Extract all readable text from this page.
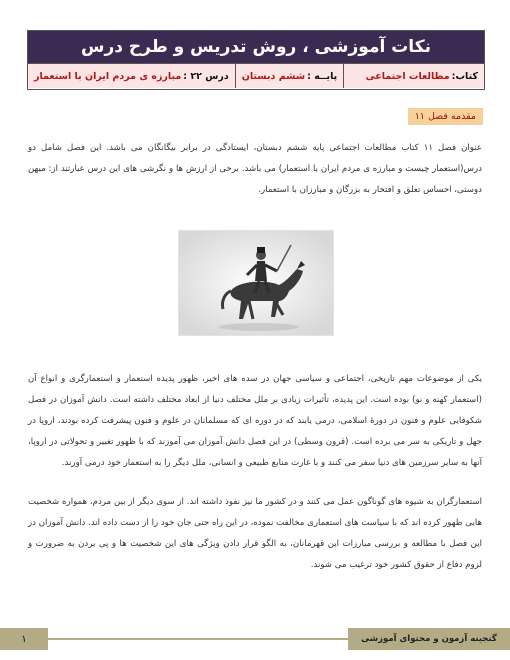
نکات آموزشی ، روش تدریس و طرح درس
کتاب:
مطالعات اجتماعی
پایــه :
ششم دبستان
درس ۲۲ :
مبارزه ی مردم ایران با استعمار
مقدمه فصل ۱۱
عنوان فصل ۱۱ کتاب مطالعات اجتماعی پایه ششم دبستان، ایستادگی در برابر بیگانگان می باشد. این فصل شامل دو درس(استعمار چیست و مبارزه ی مردم ایران با استعمار) می باشد. برخی از ارزش ها و نگرشی های این درس عبارتند از: میهن دوستی، احساس تعلق و افتخار به بزرگان و مبارزان با استعمار.
یکی از موضوعات مهم تاریخی، اجتماعی و سیاسی جهان در سده های اخیر، ظهور پدیده استعمار و استعمارگری و انواع آن (استعمار کهنه و نو) بوده است. این پدیده، تأثیرات زیادی بر ملل مختلف دنیا از ابعاد مختلف داشته است. دانش آموزان در فصل شکوفایی علوم و فنون در دورهٔ اسلامی، درمی یابند که در دوره ای که مسلمانان در علوم و فنون پیشرفت کرده بودند، اروپا در جهل و تاریکی به سر می برده است. (قرون وسطی) در این فصل دانش آموزان می آموزند که با ظهور تغییر و تحولاتی در اروپا، آنها به سایر سرزمین های دنیا سفر می کنند و با غارت منابع طبیعی و انسانی، ملل دیگر را به استعمار خود درمی آورند.
استعمارگران به شیوه های گوناگون عمل می کنند و در کشور ما نیز نفوذ داشته اند. از سوی دیگر از بین مردم، همواره شخصیت هایی ظهور کرده اند که با سیاست های استعماری مخالفت نموده، در این راه حتی جان خود را از دست داده اند. دانش آموزان در این فصل با مطالعه و بررسی مبارزات این قهرمانان، به الگو قرار دادن ویژگی های این شخصیت ها و پی بردن به ضرورت و لزوم دفاع از حقوق کشور خود ترغیب می شوند.
۱	گنجینه آزمون و محتوای آموزشی
